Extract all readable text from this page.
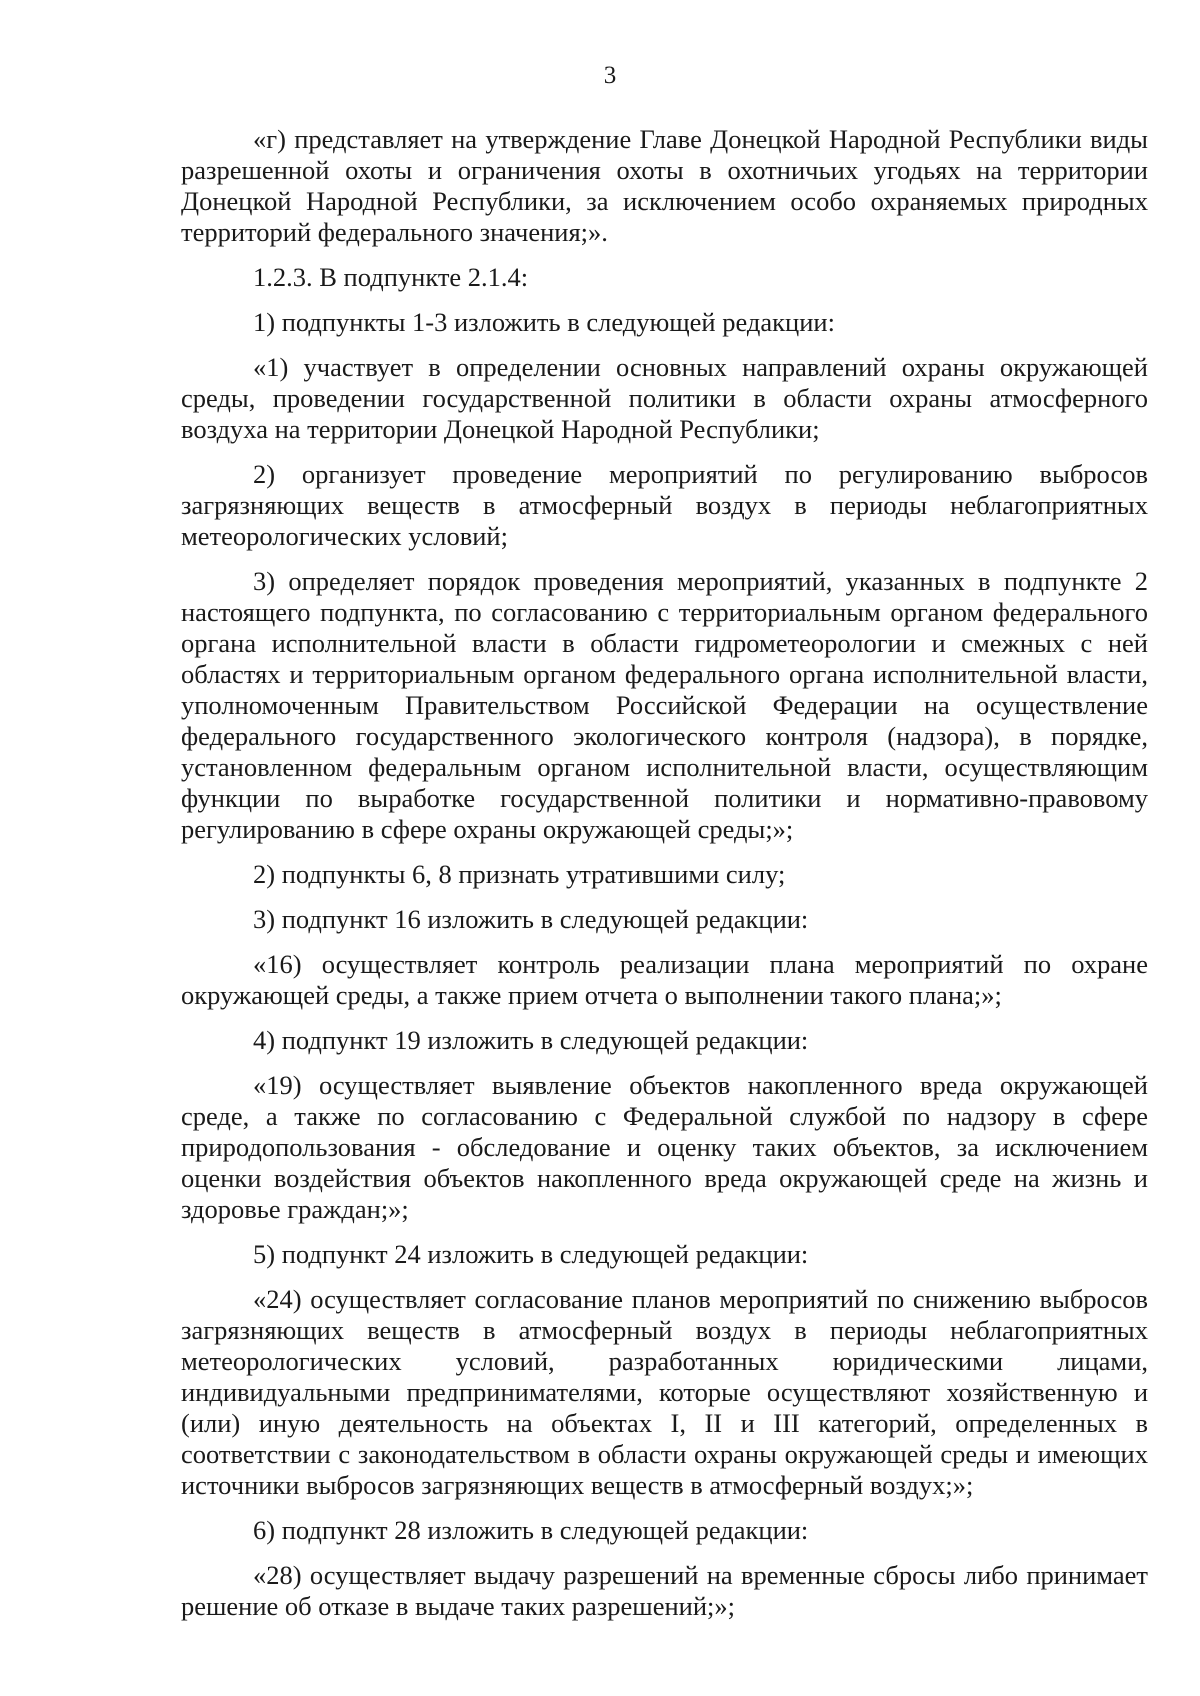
3

«г) представляет на утверждение Главе Донецкой Народной Республики виды разрешенной охоты и ограничения охоты в охотничьих угодьях на территории Донецкой Народной Республики, за исключением особо охраняемых природных территорий федерального значения;».

1.2.3. В подпункте 2.1.4:

1) подпункты 1-3 изложить в следующей редакции:

«1) участвует в определении основных направлений охраны окружающей среды, проведении государственной политики в области охраны атмосферного воздуха на территории Донецкой Народной Республики;

2) организует проведение мероприятий по регулированию выбросов загрязняющих веществ в атмосферный воздух в периоды неблагоприятных метеорологических условий;

3) определяет порядок проведения мероприятий, указанных в подпункте 2 настоящего подпункта, по согласованию с территориальным органом федерального органа исполнительной власти в области гидрометеорологии и смежных с ней областях и территориальным органом федерального органа исполнительной власти, уполномоченным Правительством Российской Федерации на осуществление федерального государственного экологического контроля (надзора), в порядке, установленном федеральным органом исполнительной власти, осуществляющим функции по выработке государственной политики и нормативно-правовому регулированию в сфере охраны окружающей среды;»;

2) подпункты 6, 8 признать утратившими силу;

3) подпункт 16 изложить в следующей редакции:

«16) осуществляет контроль реализации плана мероприятий по охране окружающей среды, а также прием отчета о выполнении такого плана;»;

4) подпункт 19 изложить в следующей редакции:

«19) осуществляет выявление объектов накопленного вреда окружающей среде, а также по согласованию с Федеральной службой по надзору в сфере природопользования - обследование и оценку таких объектов, за исключением оценки воздействия объектов накопленного вреда окружающей среде на жизнь и здоровье граждан;»;

5) подпункт 24 изложить в следующей редакции:

«24) осуществляет согласование планов мероприятий по снижению выбросов загрязняющих веществ в атмосферный воздух в периоды неблагоприятных метеорологических условий, разработанных юридическими лицами, индивидуальными предпринимателями, которые осуществляют хозяйственную и (или) иную деятельность на объектах I, II и III категорий, определенных в соответствии с законодательством в области охраны окружающей среды и имеющих источники выбросов загрязняющих веществ в атмосферный воздух;»;

6) подпункт 28 изложить в следующей редакции:

«28) осуществляет выдачу разрешений на временные сбросы либо принимает решение об отказе в выдаче таких разрешений;»;
